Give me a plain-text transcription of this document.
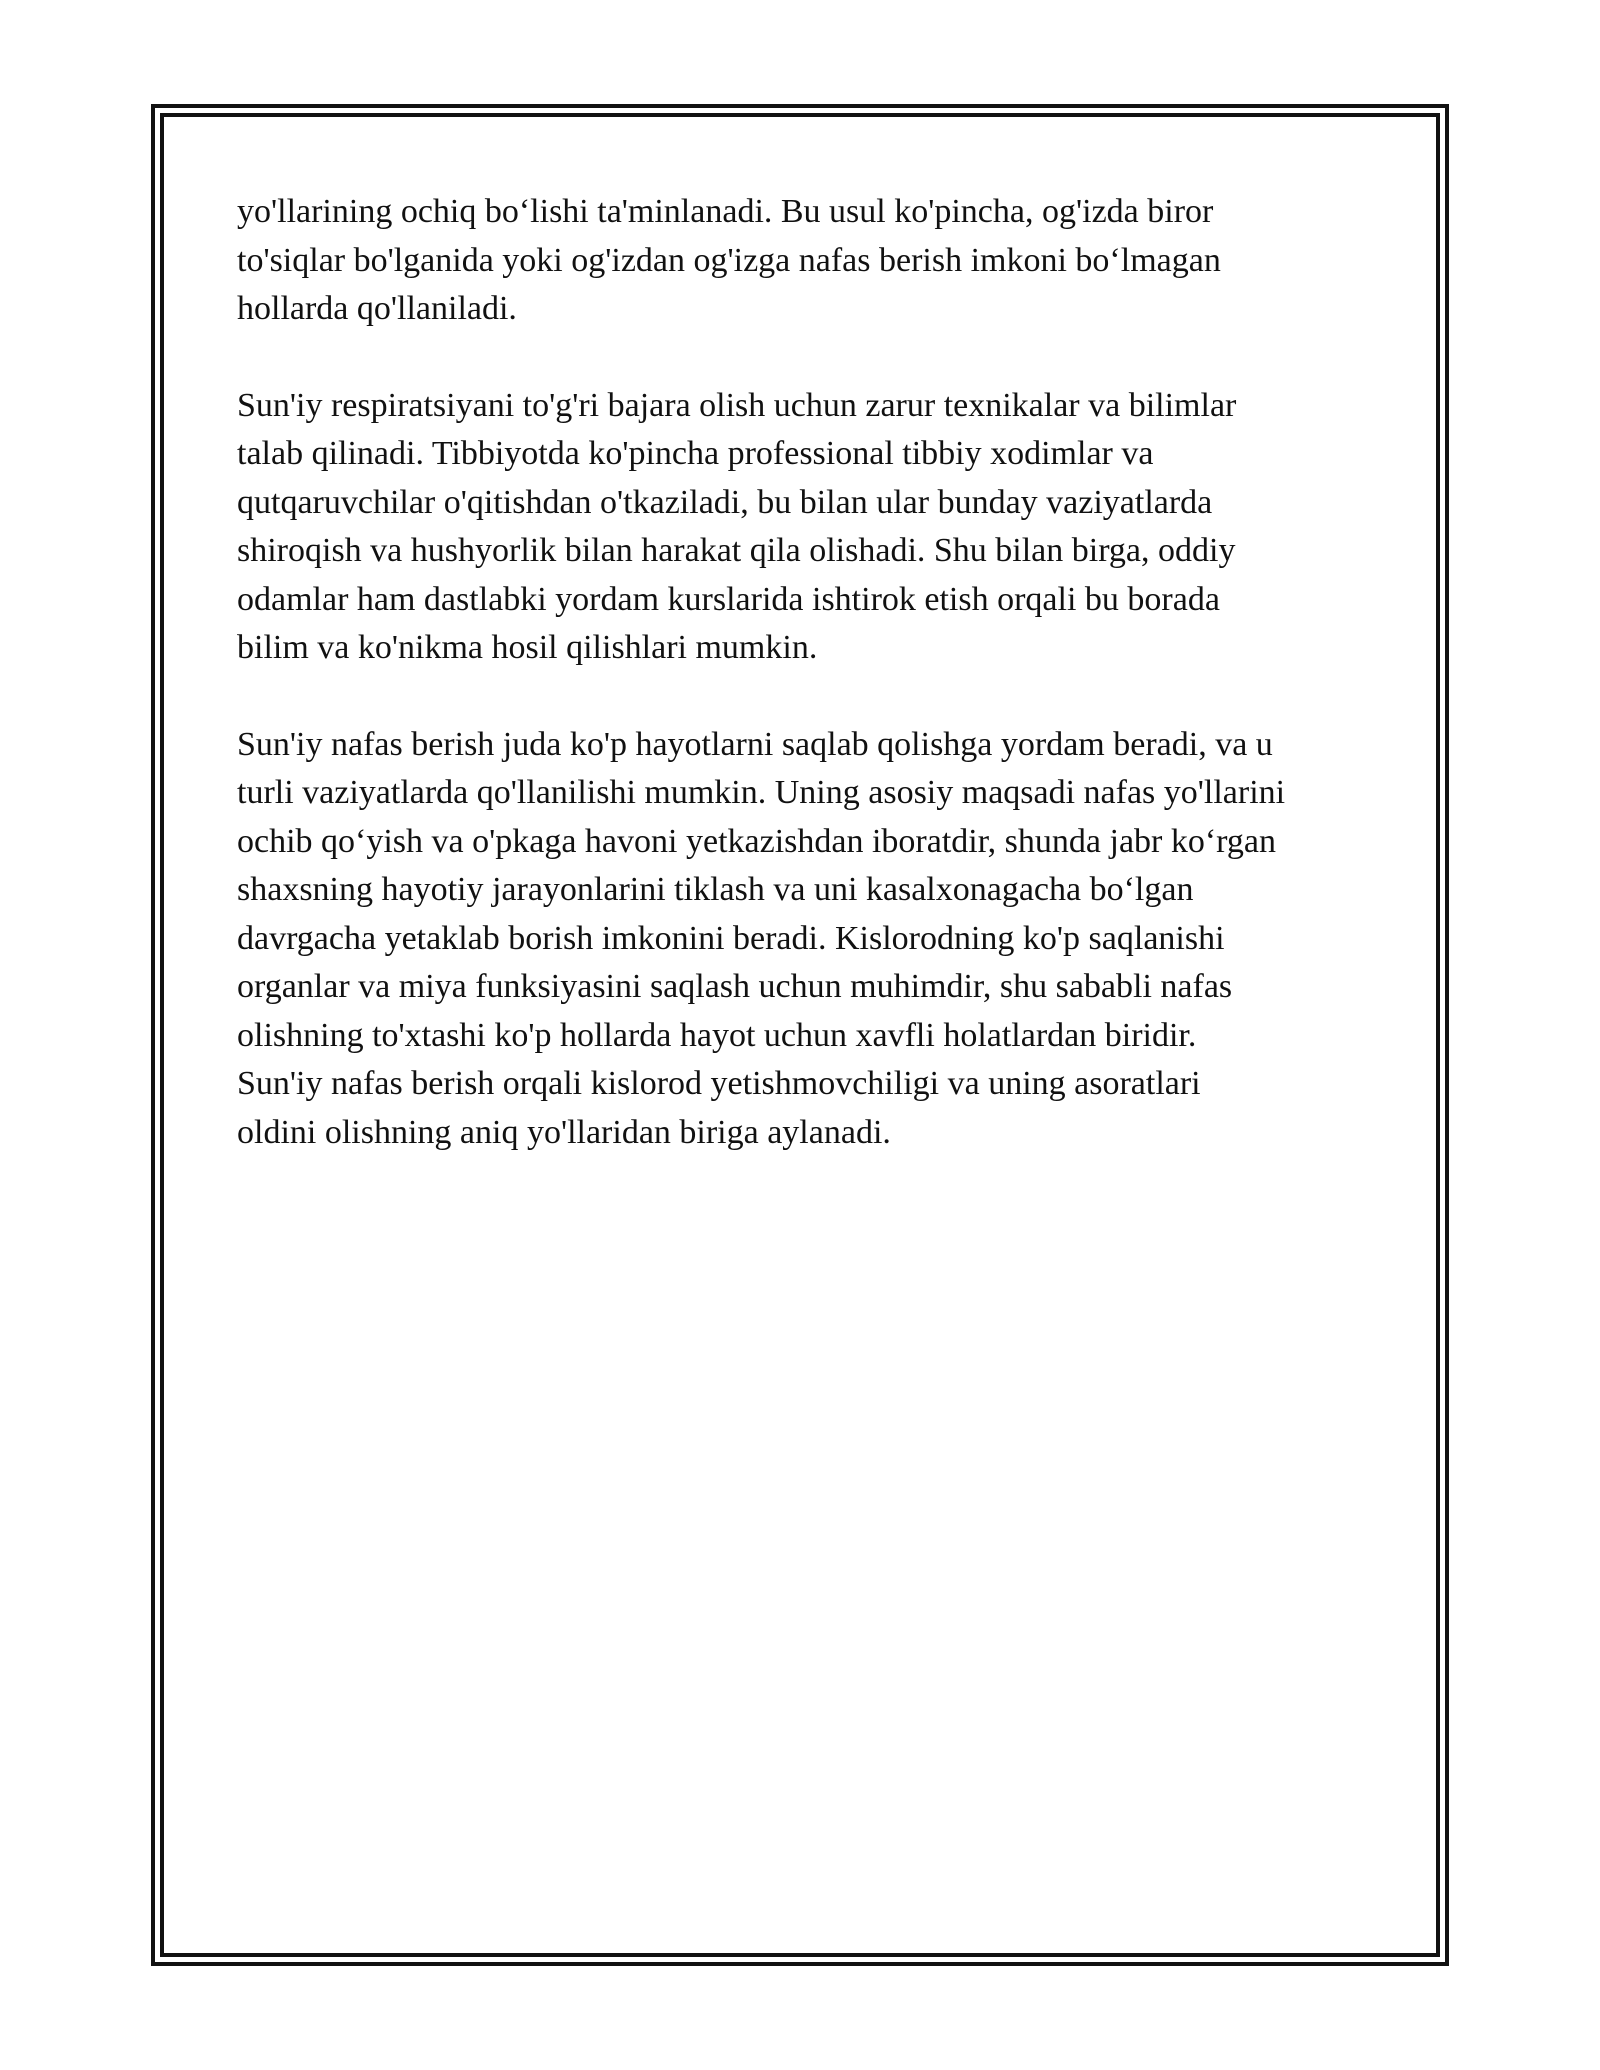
yo'llarining ochiq bo‘lishi ta'minlanadi. Bu usul ko'pincha, og'izda biror
to'siqlar bo'lganida yoki og'izdan og'izga nafas berish imkoni bo‘lmagan
hollarda qo'llaniladi.

Sun'iy respiratsiyani to'g'ri bajara olish uchun zarur texnikalar va bilimlar
talab qilinadi. Tibbiyotda ko'pincha professional tibbiy xodimlar va
qutqaruvchilar o'qitishdan o'tkaziladi, bu bilan ular bunday vaziyatlarda
shiroqish va hushyorlik bilan harakat qila olishadi. Shu bilan birga, oddiy
odamlar ham dastlabki yordam kurslarida ishtirok etish orqali bu borada
bilim va ko'nikma hosil qilishlari mumkin.

Sun'iy nafas berish juda ko'p hayotlarni saqlab qolishga yordam beradi, va u
turli vaziyatlarda qo'llanilishi mumkin. Uning asosiy maqsadi nafas yo'llarini
ochib qo‘yish va o'pkaga havoni yetkazishdan iboratdir, shunda jabr ko‘rgan
shaxsning hayotiy jarayonlarini tiklash va uni kasalxonagacha bo‘lgan
davrgacha yetaklab borish imkonini beradi. Kislorodning ko'p saqlanishi
organlar va miya funksiyasini saqlash uchun muhimdir, shu sababli nafas
olishning to'xtashi ko'p hollarda hayot uchun xavfli holatlardan biridir.
Sun'iy nafas berish orqali kislorod yetishmovchiligi va uning asoratlari
oldini olishning aniq yo'llaridan biriga aylanadi.
